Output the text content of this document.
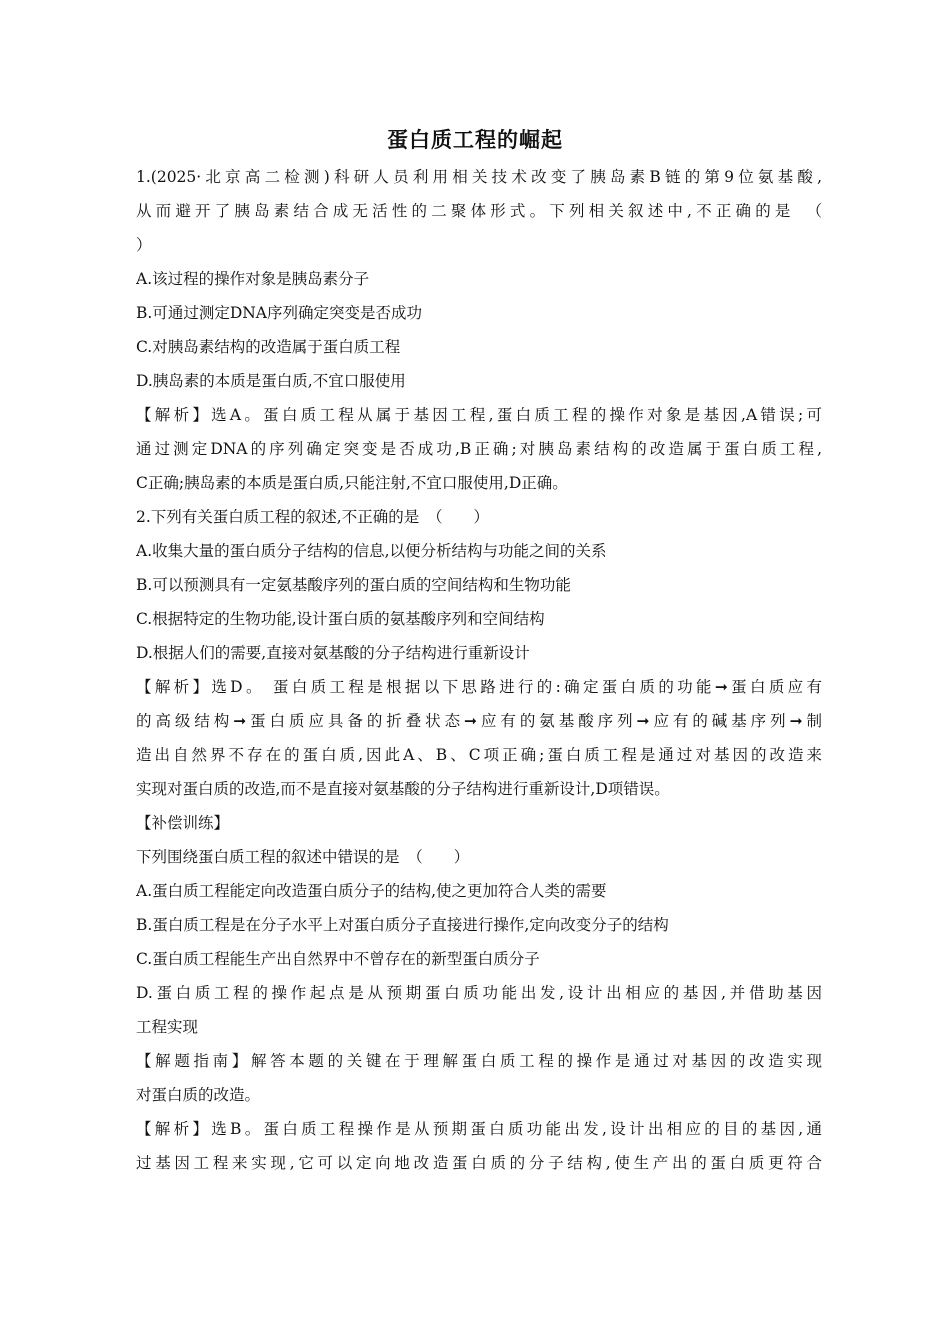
蛋白质工程的崛起
1.(2025·北京高二检测)科研人员利用相关技术改变了胰岛素B链的第9位氨基酸,
从而避开了胰岛素结合成无活性的二聚体形式。下列相关叙述中,不正确的是　（
）
A.该过程的操作对象是胰岛素分子
B.可通过测定DNA序列确定突变是否成功
C.对胰岛素结构的改造属于蛋白质工程
D.胰岛素的本质是蛋白质,不宜口服使用
【解析】选A。蛋白质工程从属于基因工程,蛋白质工程的操作对象是基因,A错误;可
通过测定DNA的序列确定突变是否成功,B正确;对胰岛素结构的改造属于蛋白质工程,
C正确;胰岛素的本质是蛋白质,只能注射,不宜口服使用,D正确。
2.下列有关蛋白质工程的叙述,不正确的是　（　　）
A.收集大量的蛋白质分子结构的信息,以便分析结构与功能之间的关系
B.可以预测具有一定氨基酸序列的蛋白质的空间结构和生物功能
C.根据特定的生物功能,设计蛋白质的氨基酸序列和空间结构
D.根据人们的需要,直接对氨基酸的分子结构进行重新设计
【解析】选D。 蛋白质工程是根据以下思路进行的:确定蛋白质的功能➞蛋白质应有
的高级结构➞蛋白质应具备的折叠状态➞应有的氨基酸序列➞应有的碱基序列➞制
造出自然界不存在的蛋白质,因此A、B、C项正确;蛋白质工程是通过对基因的改造来
实现对蛋白质的改造,而不是直接对氨基酸的分子结构进行重新设计,D项错误。
【补偿训练】
下列围绕蛋白质工程的叙述中错误的是　（　　）
A.蛋白质工程能定向改造蛋白质分子的结构,使之更加符合人类的需要
B.蛋白质工程是在分子水平上对蛋白质分子直接进行操作,定向改变分子的结构
C.蛋白质工程能生产出自然界中不曾存在的新型蛋白质分子
D.蛋白质工程的操作起点是从预期蛋白质功能出发,设计出相应的基因,并借助基因
工程实现
【解题指南】解答本题的关键在于理解蛋白质工程的操作是通过对基因的改造实现
对蛋白质的改造。
【解析】选B。蛋白质工程操作是从预期蛋白质功能出发,设计出相应的目的基因,通
过基因工程来实现,它可以定向地改造蛋白质的分子结构,使生产出的蛋白质更符合
